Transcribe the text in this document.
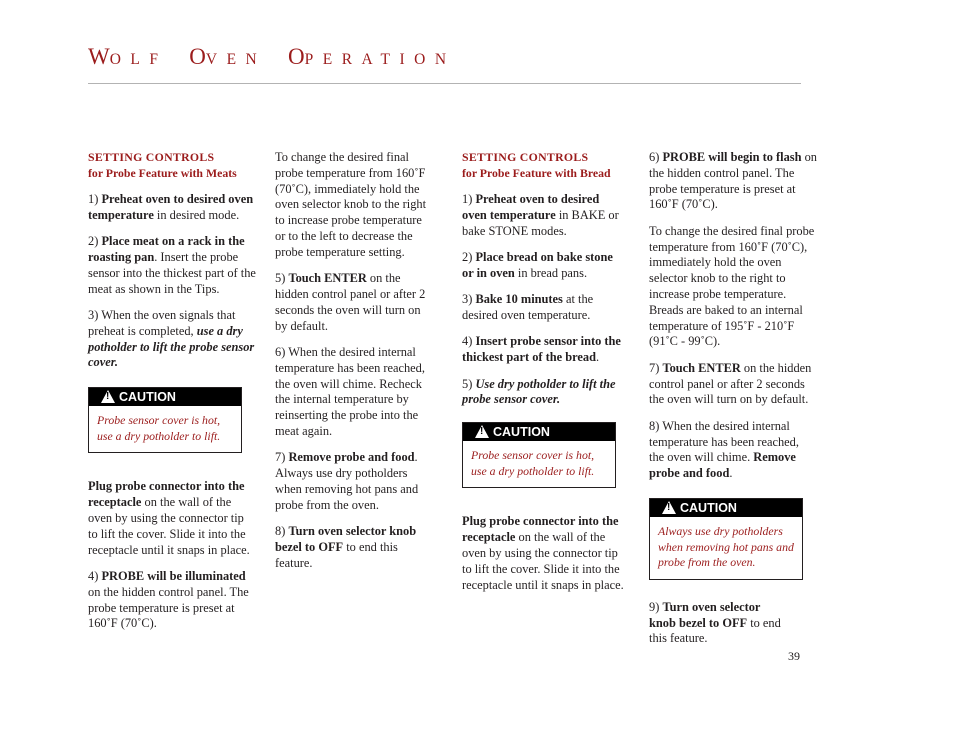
WOLF OVEN OPERATION
SETTING CONTROLS
for Probe Feature with Meats

1) Preheat oven to desired oven temperature in desired mode.

2) Place meat on a rack in the roasting pan. Insert the probe sensor into the thickest part of the meat as shown in the Tips.

3) When the oven signals that preheat is completed, use a dry potholder to lift the probe sensor cover.

!CAUTION
Probe sensor cover is hot, use a dry potholder to lift.

Plug probe connector into the receptacle on the wall of the oven by using the connector tip to lift the cover. Slide it into the receptacle until it snaps in place.

4) PROBE will be illuminated on the hidden control panel. The probe temperature is preset at 160˚F (70˚C).

To change the desired final probe temperature from 160˚F (70˚C), immediately hold the oven selector knob to the right to increase probe temperature or to the left to decrease the probe temperature setting.

5) Touch ENTER on the hidden control panel or after 2 seconds the oven will turn on by default.

6) When the desired internal temperature has been reached, the oven will chime. Recheck the internal temperature by reinserting the probe into the meat again.

7) Remove probe and food. Always use dry potholders when removing hot pans and probe from the oven.

8) Turn oven selector knob bezel to OFF to end this feature.

SETTING CONTROLS
for Probe Feature with Bread

1) Preheat oven to desired oven temperature in BAKE or bake STONE modes.

2) Place bread on bake stone or in oven in bread pans.

3) Bake 10 minutes at the desired oven temperature.

4) Insert probe sensor into the thickest part of the bread.

5) Use dry potholder to lift the probe sensor cover.

!CAUTION
Probe sensor cover is hot, use a dry potholder to lift.

Plug probe connector into the receptacle on the wall of the oven by using the connector tip to lift the cover. Slide it into the receptacle until it snaps in place.

6) PROBE will begin to flash on the hidden control panel. The probe temperature is preset at 160˚F (70˚C).

To change the desired final probe temperature from 160˚F (70˚C), immediately hold the oven selector knob to the right to increase probe temperature. Breads are baked to an internal temperature of 195˚F - 210˚F (91˚C - 99˚C).

7) Touch ENTER on the hidden control panel or after 2 seconds the oven will turn on by default.

8) When the desired internal temperature has been reached, the oven will chime. Remove probe and food.

!CAUTION
Always use dry potholders when removing hot pans and probe from the oven.

9) Turn oven selector knob bezel to OFF to end this feature.

39
